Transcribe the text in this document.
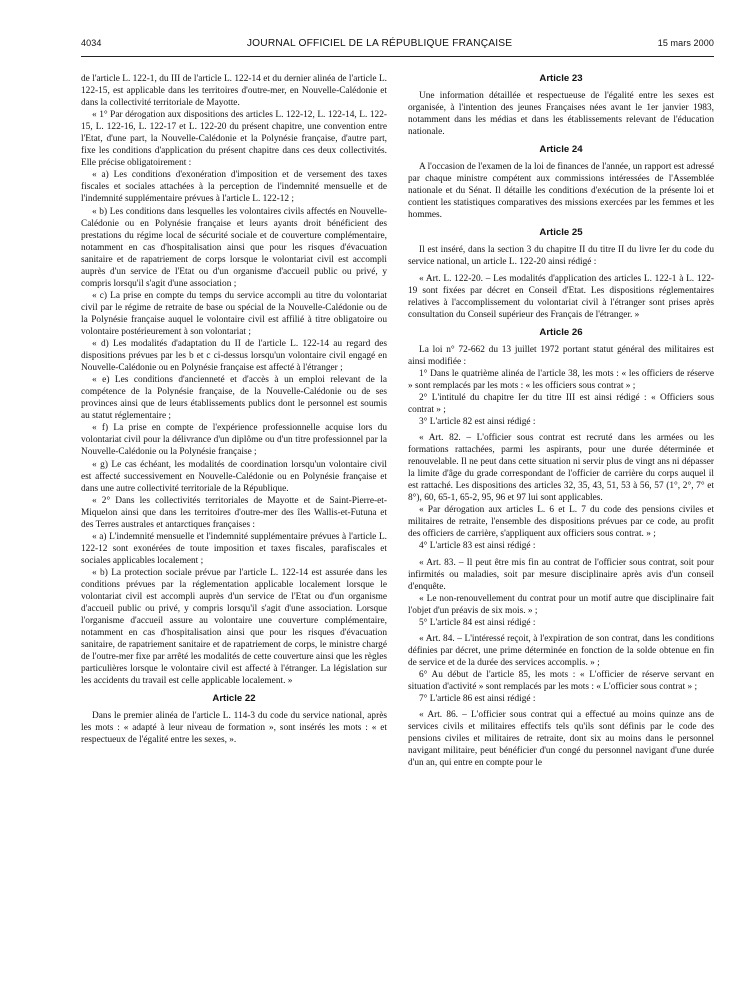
4034	JOURNAL OFFICIEL DE LA RÉPUBLIQUE FRANÇAISE	15 mars 2000

de l'article L. 122-1, du III de l'article L. 122-14 et du dernier alinéa de l'article L. 122-15, est applicable dans les territoires d'outre-mer, en Nouvelle-Calédonie et dans la collectivité territoriale de Mayotte.

« 1° Par dérogation aux dispositions des articles L. 122-12, L. 122-14, L. 122-15, L. 122-16, L. 122-17 et L. 122-20 du présent chapitre, une convention entre l'Etat, d'une part, la Nouvelle-Calédonie et la Polynésie française, d'autre part, fixe les conditions d'application du présent chapitre dans ces deux collectivités. Elle précise obligatoirement :

« a) Les conditions d'exonération d'imposition et de versement des taxes fiscales et sociales attachées à la perception de l'indemnité mensuelle et de l'indemnité supplémentaire prévues à l'article L. 122-12 ;

« b) Les conditions dans lesquelles les volontaires civils affectés en Nouvelle-Calédonie ou en Polynésie française et leurs ayants droit bénéficient des prestations du régime local de sécurité sociale et de couverture complémentaire, notamment en cas d'hospitalisation ainsi que pour les risques d'évacuation sanitaire et de rapatriement de corps lorsque le volontariat civil est accompli auprès d'un service de l'Etat ou d'un organisme d'accueil public ou privé, y compris lorsqu'il s'agit d'une association ;

« c) La prise en compte du temps du service accompli au titre du volontariat civil par le régime de retraite de base ou spécial de la Nouvelle-Calédonie ou de la Polynésie française auquel le volontaire civil est affilié à titre obligatoire ou volontaire postérieurement à son volontariat ;

« d) Les modalités d'adaptation du II de l'article L. 122-14 au regard des dispositions prévues par les b et c ci-dessus lorsqu'un volontaire civil engagé en Nouvelle-Calédonie ou en Polynésie française est affecté à l'étranger ;

« e) Les conditions d'ancienneté et d'accès à un emploi relevant de la compétence de la Polynésie française, de la Nouvelle-Calédonie ou de ses provinces ainsi que de leurs établissements publics dont le personnel est soumis au statut réglementaire ;

« f) La prise en compte de l'expérience professionnelle acquise lors du volontariat civil pour la délivrance d'un diplôme ou d'un titre professionnel par la Nouvelle-Calédonie ou la Polynésie française ;

« g) Le cas échéant, les modalités de coordination lorsqu'un volontaire civil est affecté successivement en Nouvelle-Calédonie ou en Polynésie française et dans une autre collectivité territoriale de la République.

« 2° Dans les collectivités territoriales de Mayotte et de Saint-Pierre-et-Miquelon ainsi que dans les territoires d'outre-mer des îles Wallis-et-Futuna et des Terres australes et antarctiques françaises :

« a) L'indemnité mensuelle et l'indemnité supplémentaire prévues à l'article L. 122-12 sont exonérées de toute imposition et taxes fiscales, parafiscales et sociales applicables localement ;

« b) La protection sociale prévue par l'article L. 122-14 est assurée dans les conditions prévues par la réglementation applicable localement lorsque le volontariat civil est accompli auprès d'un service de l'Etat ou d'un organisme d'accueil public ou privé, y compris lorsqu'il s'agit d'une association. Lorsque l'organisme d'accueil assure au volontaire une couverture complémentaire, notamment en cas d'hospitalisation ainsi que pour les risques d'évacuation sanitaire, de rapatriement sanitaire et de rapatriement de corps, le ministre chargé de l'outre-mer fixe par arrêté les modalités de cette couverture ainsi que les règles particulières lorsque le volontaire civil est affecté à l'étranger. La législation sur les accidents du travail est celle applicable localement. »

Article 22

Dans le premier alinéa de l'article L. 114-3 du code du service national, après les mots : « adapté à leur niveau de formation », sont insérés les mots : « et respectueux de l'égalité entre les sexes, ».

Article 23

Une information détaillée et respectueuse de l'égalité entre les sexes est organisée, à l'intention des jeunes Françaises nées avant le 1er janvier 1983, notamment dans les médias et dans les établissements relevant de l'éducation nationale.

Article 24

A l'occasion de l'examen de la loi de finances de l'année, un rapport est adressé par chaque ministre compétent aux commissions intéressées de l'Assemblée nationale et du Sénat. Il détaille les conditions d'exécution de la présente loi et contient les statistiques comparatives des missions exercées par les femmes et les hommes.

Article 25

Il est inséré, dans la section 3 du chapitre II du titre II du livre Ier du code du service national, un article L. 122-20 ainsi rédigé :

« Art. L. 122-20. – Les modalités d'application des articles L. 122-1 à L. 122-19 sont fixées par décret en Conseil d'Etat. Les dispositions réglementaires relatives à l'accomplissement du volontariat civil à l'étranger sont prises après consultation du Conseil supérieur des Français de l'étranger. »

Article 26

La loi n° 72-662 du 13 juillet 1972 portant statut général des militaires est ainsi modifiée :

1° Dans le quatrième alinéa de l'article 38, les mots : « les officiers de réserve » sont remplacés par les mots : « les officiers sous contrat » ;

2° L'intitulé du chapitre Ier du titre III est ainsi rédigé : « Officiers sous contrat » ;

3° L'article 82 est ainsi rédigé :

« Art. 82. – L'officier sous contrat est recruté dans les armées ou les formations rattachées, parmi les aspirants, pour une durée déterminée et renouvelable. Il ne peut dans cette situation ni servir plus de vingt ans ni dépasser la limite d'âge du grade correspondant de l'officier de carrière du corps auquel il est rattaché. Les dispositions des articles 32, 35, 43, 51, 53 à 56, 57 (1°, 2°, 7° et 8°), 60, 65-1, 65-2, 95, 96 et 97 lui sont applicables.

« Par dérogation aux articles L. 6 et L. 7 du code des pensions civiles et militaires de retraite, l'ensemble des dispositions prévues par ce code, au profit des officiers de carrière, s'appliquent aux officiers sous contrat. » ;

4° L'article 83 est ainsi rédigé :

« Art. 83. – Il peut être mis fin au contrat de l'officier sous contrat, soit pour infirmités ou maladies, soit par mesure disciplinaire après avis d'un conseil d'enquête.

« Le non-renouvellement du contrat pour un motif autre que disciplinaire fait l'objet d'un préavis de six mois. » ;

5° L'article 84 est ainsi rédigé :

« Art. 84. – L'intéressé reçoit, à l'expiration de son contrat, dans les conditions définies par décret, une prime déterminée en fonction de la solde obtenue en fin de service et de la durée des services accomplis. » ;

6° Au début de l'article 85, les mots : « L'officier de réserve servant en situation d'activité » sont remplacés par les mots : « L'officier sous contrat » ;

7° L'article 86 est ainsi rédigé :

« Art. 86. – L'officier sous contrat qui a effectué au moins quinze ans de services civils et militaires effectifs tels qu'ils sont définis par le code des pensions civiles et militaires de retraite, dont six au moins dans le personnel navigant militaire, peut bénéficier d'un congé du personnel navigant d'une durée d'un an, qui entre en compte pour le
